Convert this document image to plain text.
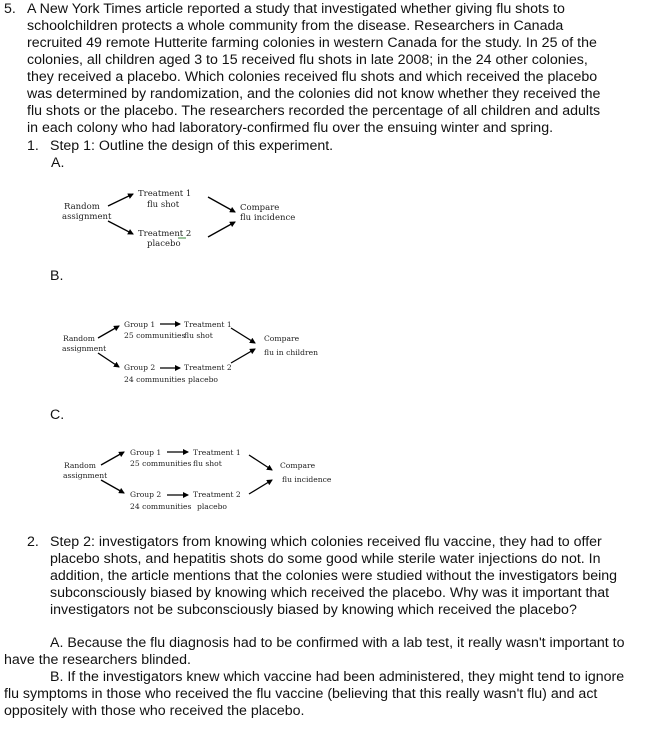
5. A New York Times article reported a study that investigated whether giving flu shots to
schoolchildren protects a whole community from the disease. Researchers in Canada
recruited 49 remote Hutterite farming colonies in western Canada for the study. In 25 of the
colonies, all children aged 3 to 15 received flu shots in late 2008; in the 24 other colonies,
they received a placebo. Which colonies received flu shots and which received the placebo
was determined by randomization, and the colonies did not know whether they received the
flu shots or the placebo. The researchers recorded the percentage of all children and adults
in each colony who had laboratory-confirmed flu over the ensuing winter and spring.
1. Step 1: Outline the design of this experiment.
A.
B.
C.
Random
assignment
Treatment 1
flu shot
Treatment 2
placebo
Compare
flu incidence
Random
assignment
Group 1
25 communities
Treatment 1
flu shot
Group 2
24 communities
Treatment 2
placebo
Compare
flu in children
Random
assignment
Group 1
25 communities
Treatment 1
flu shot
Group 2
24 communities
Treatment 2
placebo
Compare
flu incidence
2. Step 2: investigators from knowing which colonies received flu vaccine, they had to offer placebo shots, and hepatitis shots do some good while sterile water injections do not. In addition, the article mentions that the colonies were studied without the investigators being subconsciously biased by knowing which received the placebo. Why was it important that investigators not be subconsciously biased by knowing which received the placebo?
A. Because the flu diagnosis had to be confirmed with a lab test, it really wasn't important to have the researchers blinded.
B. If the investigators knew which vaccine had been administered, they might tend to ignore flu symptoms in those who received the flu vaccine (believing that this really wasn't flu) and act oppositely with those who received the placebo.
